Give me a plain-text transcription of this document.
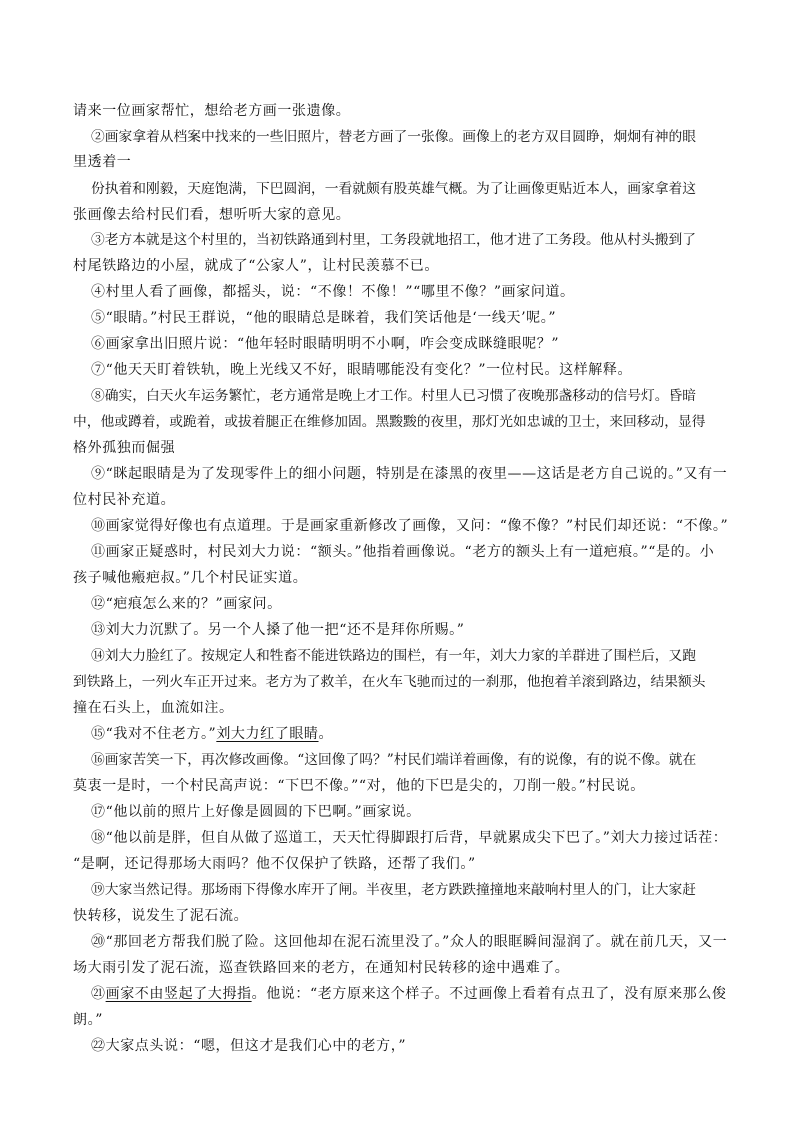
请来一位画家帮忙，想给老方画一张遗像。
②画家拿着从档案中找来的一些旧照片，替老方画了一张像。画像上的老方双目圆睁，炯炯有神的眼
里透着一
份执着和刚毅，天庭饱满，下巴圆润，一看就颇有股英雄气概。为了让画像更贴近本人，画家拿着这
张画像去给村民们看，想听听大家的意见。
③老方本就是这个村里的，当初铁路通到村里，工务段就地招工，他才进了工务段。他从村头搬到了
村尾铁路边的小屋，就成了“公家人”，让村民羡慕不已。
④村里人看了画像，都摇头，说：“不像！不像！”“哪里不像？”画家问道。
⑤“眼睛。”村民王群说，“他的眼睛总是眯着，我们笑话他是‘一线天’呢。”
⑥画家拿出旧照片说：“他年轻时眼睛明明不小啊，咋会变成眯缝眼呢？”
⑦“他天天盯着铁轨，晚上光线又不好，眼睛哪能没有变化？”一位村民。这样解释。
⑧确实，白天火车运务繁忙，老方通常是晚上才工作。村里人已习惯了夜晚那盏移动的信号灯。昏暗
中，他或蹲着，或跪着，或拔着腿正在维修加固。黑黢黢的夜里，那灯光如忠诚的卫士，来回移动，显得
格外孤独而倔强
⑨“眯起眼睛是为了发现零件上的细小问题，特别是在漆黑的夜里——这话是老方自己说的。”又有一
位村民补充道。
⑩画家觉得好像也有点道理。于是画家重新修改了画像，又问：“像不像？”村民们却还说：“不像。”
⑪画家正疑惑时，村民刘大力说：“额头。”他指着画像说。“老方的额头上有一道疤痕。”“是的。小
孩子喊他瘢疤叔。”几个村民证实道。
⑫“疤痕怎么来的？”画家问。
⑬刘大力沉默了。另一个人搡了他一把“还不是拜你所赐。”
⑭刘大力脸红了。按规定人和牲畜不能进铁路边的围栏，有一年，刘大力家的羊群进了围栏后，又跑
到铁路上，一列火车正开过来。老方为了救羊，在火车飞驰而过的一刹那，他抱着羊滚到路边，结果额头
撞在石头上，血流如注。
⑮“我对不住老方。”刘大力红了眼睛。
⑯画家苦笑一下，再次修改画像。“这回像了吗？”村民们端详着画像，有的说像，有的说不像。就在
莫衷一是时，一个村民高声说：“下巴不像。”“对，他的下巴是尖的，刀削一般。”村民说。
⑰“他以前的照片上好像是圆圆的下巴啊。”画家说。
⑱“他以前是胖，但自从做了巡道工，天天忙得脚跟打后背，早就累成尖下巴了。”刘大力接过话茬：
“是啊，还记得那场大雨吗？他不仅保护了铁路，还帮了我们。”
⑲大家当然记得。那场雨下得像水库开了闸。半夜里，老方跌跌撞撞地来敲响村里人的门，让大家赶
快转移，说发生了泥石流。
⑳“那回老方帮我们脱了险。这回他却在泥石流里没了。”众人的眼眶瞬间湿润了。就在前几天，又一
场大雨引发了泥石流，巡查铁路回来的老方，在通知村民转移的途中遇难了。
㉑画家不由竖起了大拇指。他说：“老方原来这个样子。不过画像上看着有点丑了，没有原来那么俊
朗。”
㉒大家点头说：“嗯，但这才是我们心中的老方，”
